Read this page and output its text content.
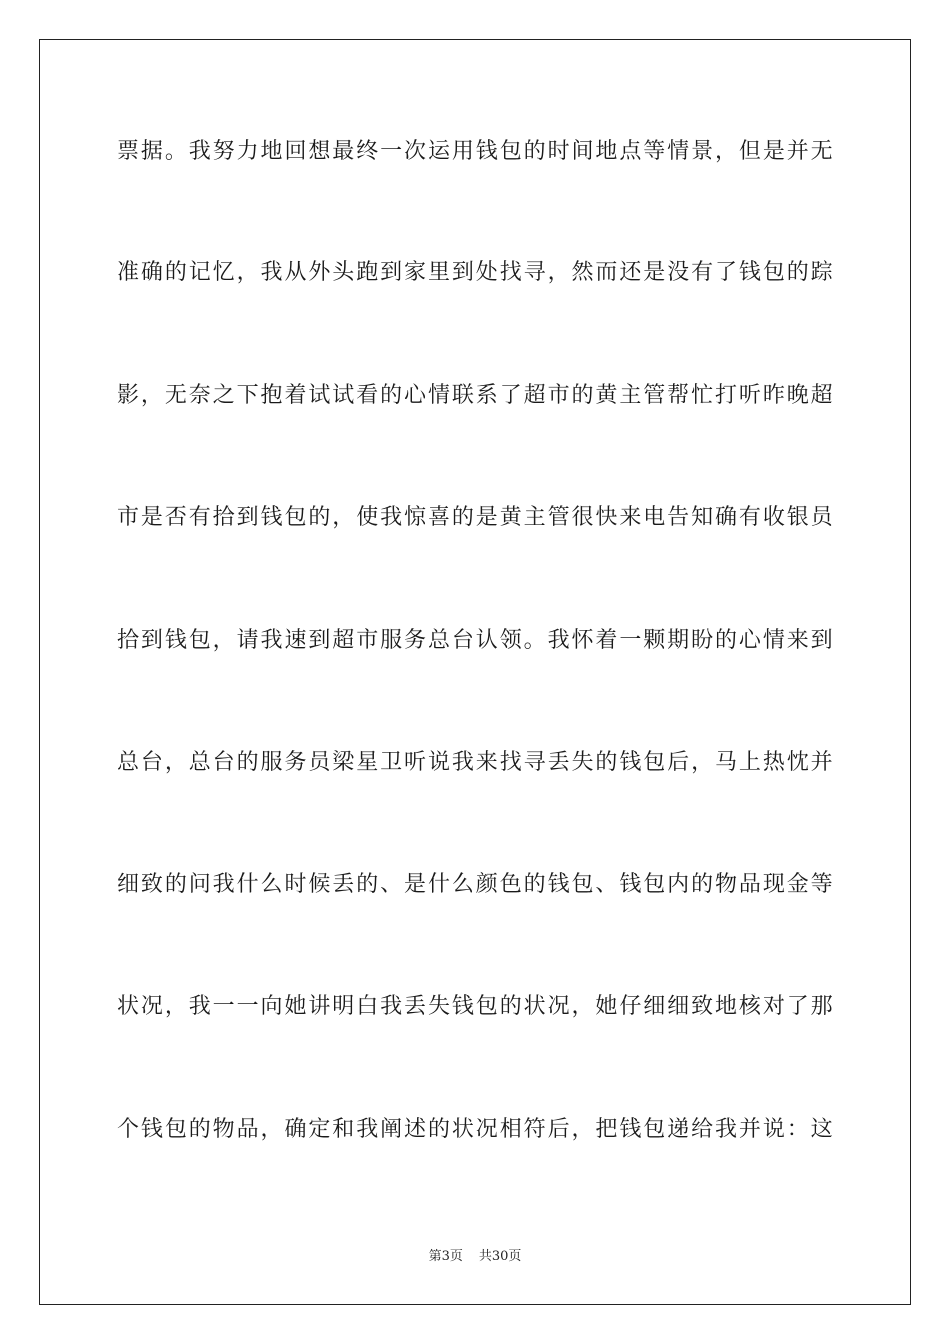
票据。我努力地回想最终一次运用钱包的时间地点等情景，但是并无
准确的记忆，我从外头跑到家里到处找寻，然而还是没有了钱包的踪
影，无奈之下抱着试试看的心情联系了超市的黄主管帮忙打听昨晚超
市是否有拾到钱包的，使我惊喜的是黄主管很快来电告知确有收银员
拾到钱包，请我速到超市服务总台认领。我怀着一颗期盼的心情来到
总台，总台的服务员梁星卫听说我来找寻丢失的钱包后，马上热忱并
细致的问我什么时候丢的、是什么颜色的钱包、钱包内的物品现金等
状况，我一一向她讲明白我丢失钱包的状况，她仔细细致地核对了那
个钱包的物品，确定和我阐述的状况相符后，把钱包递给我并说：这
第3页 共30页
